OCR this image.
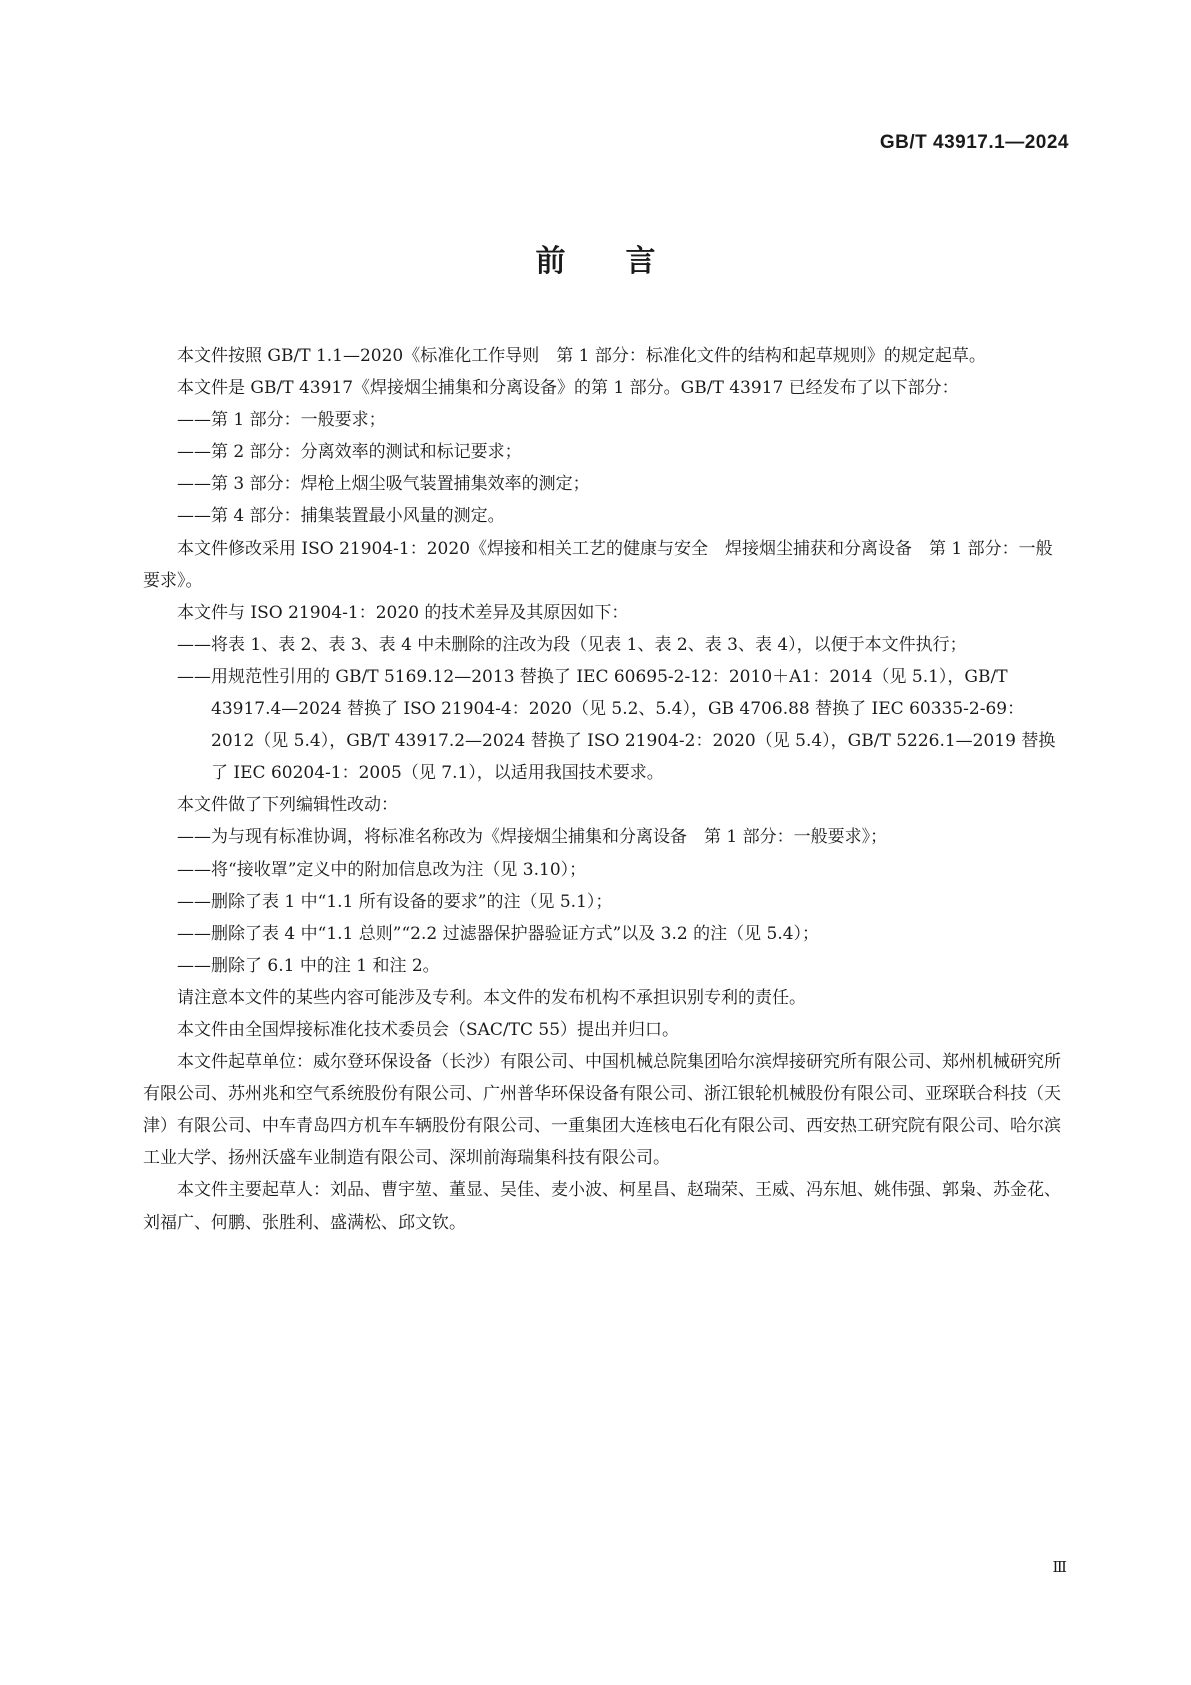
GB/T 43917.1—2024
前言

本文件按照 GB/T 1.1—2020《标准化工作导则　第 1 部分：标准化文件的结构和起草规则》的规定起草。

本文件是 GB/T 43917《焊接烟尘捕集和分离设备》的第 1 部分。GB/T 43917 已经发布了以下部分：

——第 1 部分：一般要求；

——第 2 部分：分离效率的测试和标记要求；

——第 3 部分：焊枪上烟尘吸气装置捕集效率的测定；

——第 4 部分：捕集装置最小风量的测定。

本文件修改采用 ISO 21904-1：2020《焊接和相关工艺的健康与安全　焊接烟尘捕获和分离设备　第 1 部分：一般要求》。

本文件与 ISO 21904-1：2020 的技术差异及其原因如下：

——将表 1、表 2、表 3、表 4 中未删除的注改为段（见表 1、表 2、表 3、表 4），以便于本文件执行；

——用规范性引用的 GB/T 5169.12—2013 替换了 IEC 60695-2-12：2010＋A1：2014（见 5.1），GB/T 43917.4—2024 替换了 ISO 21904-4：2020（见 5.2、5.4），GB 4706.88 替换了 IEC 60335-2-69：2012（见 5.4），GB/T 43917.2—2024 替换了 ISO 21904-2：2020（见 5.4），GB/T 5226.1—2019 替换了 IEC 60204-1：2005（见 7.1），以适用我国技术要求。

本文件做了下列编辑性改动：

——为与现有标准协调，将标准名称改为《焊接烟尘捕集和分离设备　第 1 部分：一般要求》；

——将“接收罩”定义中的附加信息改为注（见 3.10）；

——删除了表 1 中“1.1 所有设备的要求”的注（见 5.1）；

——删除了表 4 中“1.1 总则”“2.2 过滤器保护器验证方式”以及 3.2 的注（见 5.4）；

——删除了 6.1 中的注 1 和注 2。

请注意本文件的某些内容可能涉及专利。本文件的发布机构不承担识别专利的责任。

本文件由全国焊接标准化技术委员会（SAC/TC 55）提出并归口。

本文件起草单位：威尔登环保设备（长沙）有限公司、中国机械总院集团哈尔滨焊接研究所有限公司、郑州机械研究所有限公司、苏州兆和空气系统股份有限公司、广州普华环保设备有限公司、浙江银轮机械股份有限公司、亚琛联合科技（天津）有限公司、中车青岛四方机车车辆股份有限公司、一重集团大连核电石化有限公司、西安热工研究院有限公司、哈尔滨工业大学、扬州沃盛车业制造有限公司、深圳前海瑞集科技有限公司。

本文件主要起草人：刘品、曹宇堃、董显、吴佳、麦小波、柯星昌、赵瑞荣、王威、冯东旭、姚伟强、郭枭、苏金花、刘福广、何鹏、张胜利、盛满松、邱文钦。

Ⅲ
